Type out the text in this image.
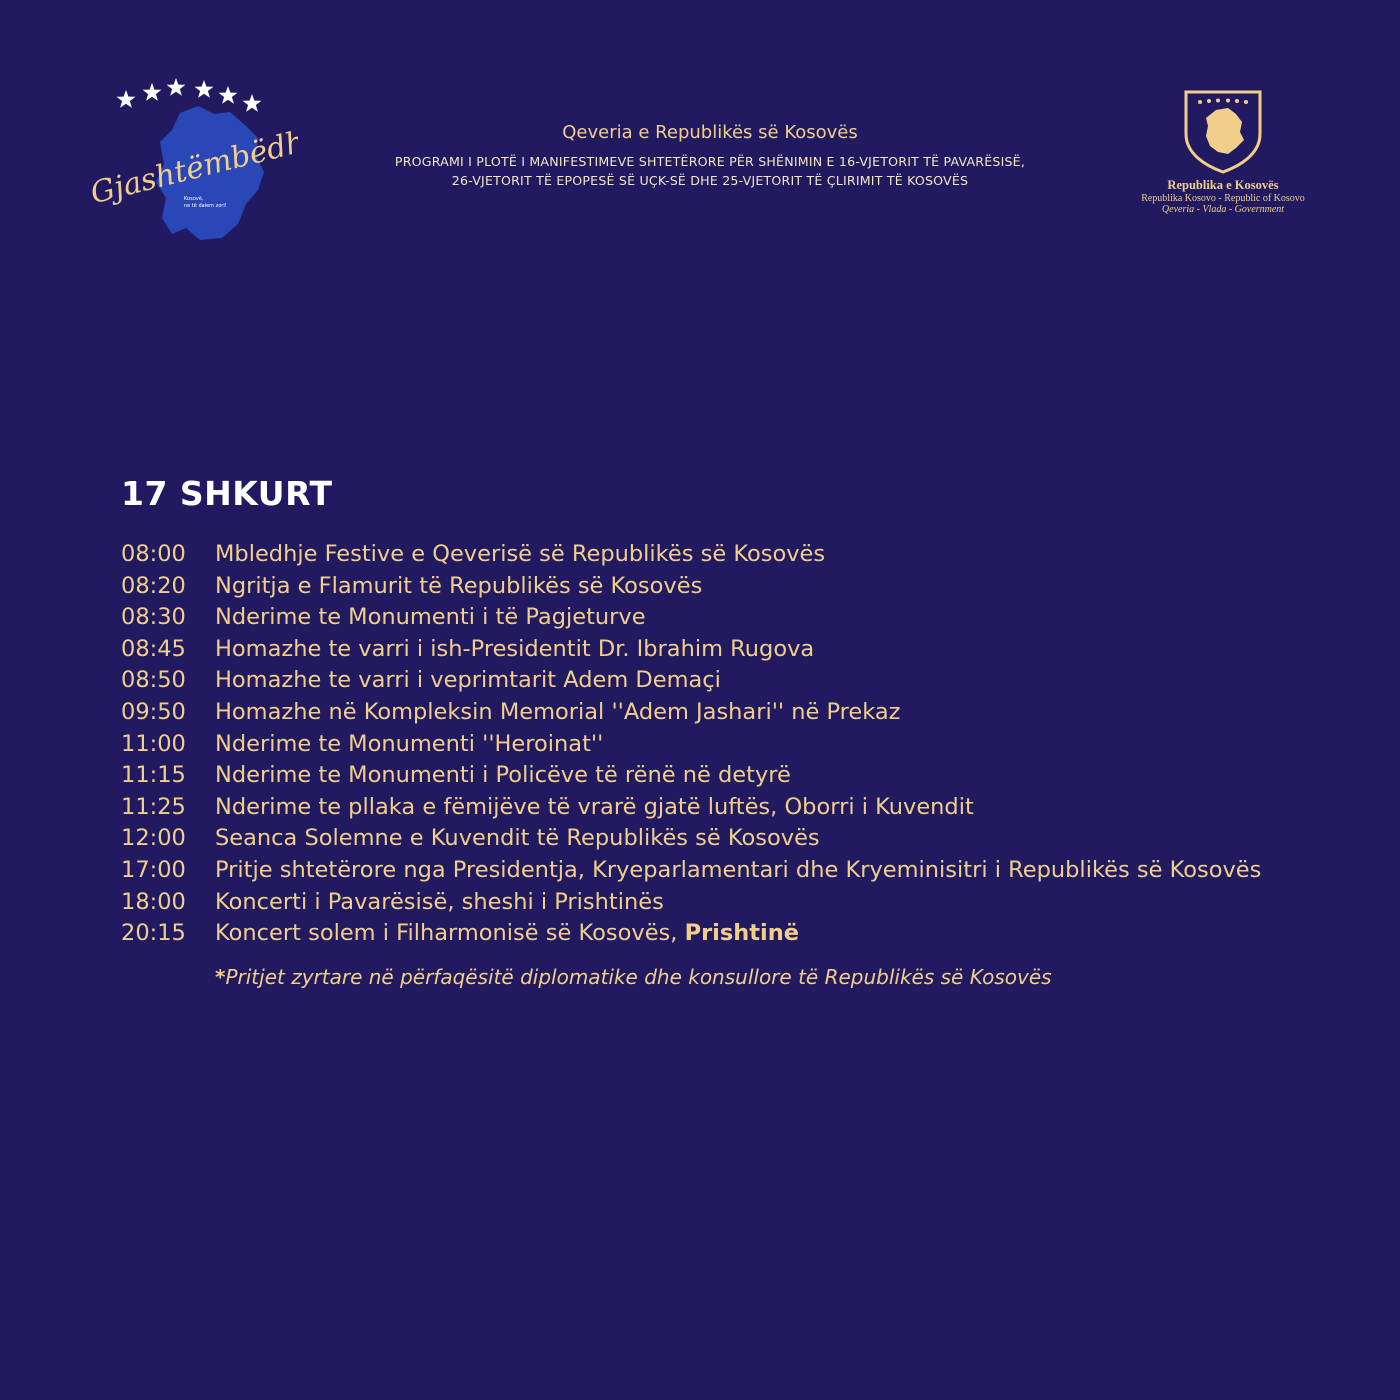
Gjashtëmbëdhjetë
Kosovë,
ne të dalem zori!
Qeveria e Republikës së Kosovës
PROGRAMI I PLOTË I MANIFESTIMEVE SHTETËRORE PËR SHËNIMIN E 16-VJETORIT TË PAVARËSISË,
26-VJETORIT TË EPOPESË SË UÇK-SË DHE 25-VJETORIT TË ÇLIRIMIT TË KOSOVËS	Republika e Kosovës
Republika Kosovo - Republic of Kosovo
Qeveria - Vlada - Government
17 SHKURT
08:00	Mbledhje Festive e Qeverisë së Republikës së Kosovës
08:20	Ngritja e Flamurit të Republikës së Kosovës
08:30	Nderime te Monumenti i të Pagjeturve
08:45	Homazhe te varri i ish-Presidentit Dr. Ibrahim Rugova
08:50	Homazhe te varri i veprimtarit Adem Demaçi
09:50	Homazhe në Kompleksin Memorial ''Adem Jashari'' në Prekaz
11:00	Nderime te Monumenti ''Heroinat''
11:15	Nderime te Monumenti i Policëve të rënë në detyrë
11:25	Nderime te pllaka e fëmijëve të vrarë gjatë luftës, Oborri i Kuvendit
12:00	Seanca Solemne e Kuvendit të Republikës së Kosovës
17:00	Pritje shtetërore nga Presidentja, Kryeparlamentari dhe Kryeminisitri i Republikës së Kosovës
18:00	Koncerti i Pavarësisë, sheshi i Prishtinës
20:15	Koncert solem i Filharmonisë së Kosovës, Prishtinë
*Pritjet zyrtare në përfaqësitë diplomatike dhe konsullore të Republikës së Kosovës
